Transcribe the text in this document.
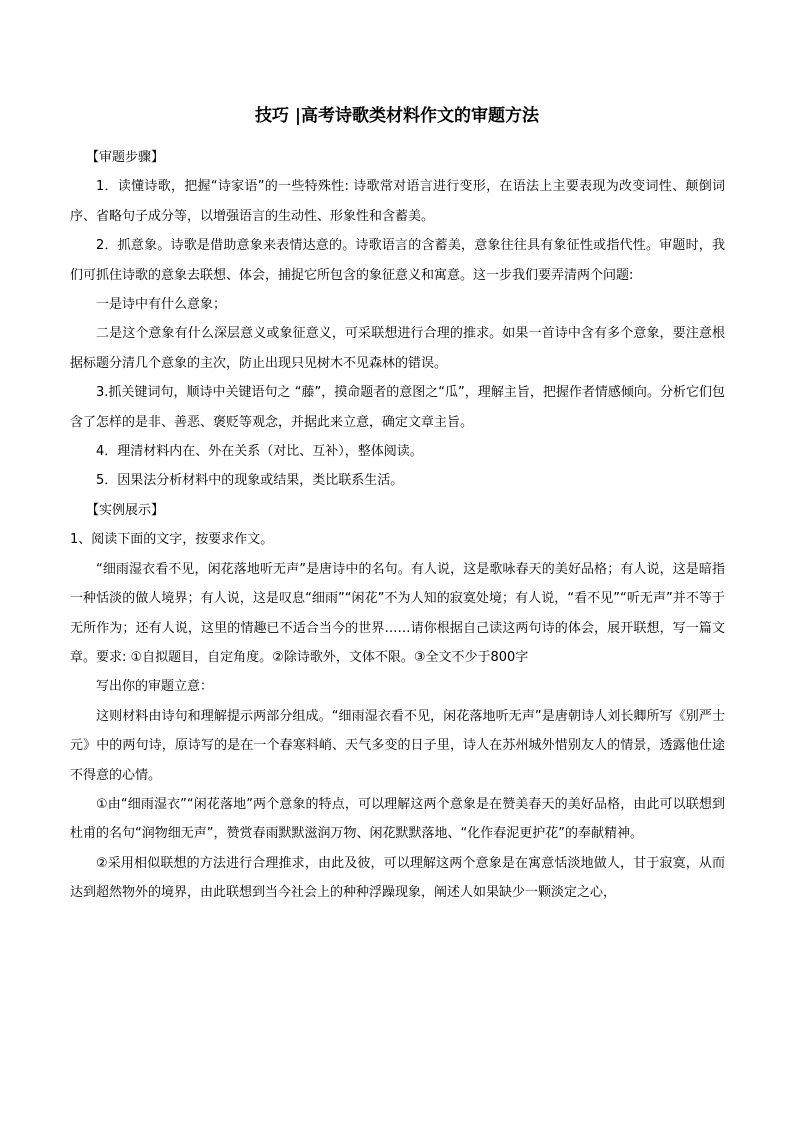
技巧 |高考诗歌类材料作文的审题方法

【审题步骤】

1．读懂诗歌，把握“诗家语”的一些特殊性: 诗歌常对语言进行变形，在语法上主要表现为改变词性、颠倒词序、省略句子成分等，以增强语言的生动性、形象性和含蓄美。

2．抓意象。诗歌是借助意象来表情达意的。诗歌语言的含蓄美，意象往往具有象征性或指代性。审题时，我们可抓住诗歌的意象去联想、体会，捕捉它所包含的象征意义和寓意。这一步我们要弄清两个问题:

一是诗中有什么意象；

二是这个意象有什么深层意义或象征意义，可采联想进行合理的推求。如果一首诗中含有多个意象，要注意根据标题分清几个意象的主次，防止出现只见树木不见森林的错误。

3.抓关键词句，顺诗中关键语句之 “藤”，摸命题者的意图之“瓜”，理解主旨，把握作者情感倾向。分析它们包含了怎样的是非、善恶、褒贬等观念，并据此来立意，确定文章主旨。

4．理清材料内在、外在关系（对比、互补），整体阅读。

5．因果法分析材料中的现象或结果，类比联系生活。

【实例展示】

1、阅读下面的文字，按要求作文。

“细雨湿衣看不见，闲花落地听无声”是唐诗中的名句。有人说，这是歌咏春天的美好品格；有人说，这是暗指一种恬淡的做人境界；有人说，这是叹息“细雨”“闲花”不为人知的寂寞处境；有人说，“看不见”“听无声”并不等于无所作为；还有人说，这里的情趣已不适合当今的世界……请你根据自己读这两句诗的体会，展开联想，写一篇文章。要求: ①自拟题目，自定角度。②除诗歌外，文体不限。③全文不少于800字

写出你的审题立意：

这则材料由诗句和理解提示两部分组成。“细雨湿衣看不见，闲花落地听无声”是唐朝诗人刘长卿所写《别严士元》中的两句诗，原诗写的是在一个春寒料峭、天气多变的日子里，诗人在苏州城外惜别友人的情景，透露他仕途不得意的心情。

①由“细雨湿衣”“闲花落地”两个意象的特点，可以理解这两个意象是在赞美春天的美好品格，由此可以联想到杜甫的名句“润物细无声”，赞赏春雨默默滋润万物、闲花默默落地、“化作春泥更护花”的奉献精神。

②采用相似联想的方法进行合理推求，由此及彼，可以理解这两个意象是在寓意恬淡地做人，甘于寂寞，从而达到超然物外的境界，由此联想到当今社会上的种种浮躁现象，阐述人如果缺少一颗淡定之心，
